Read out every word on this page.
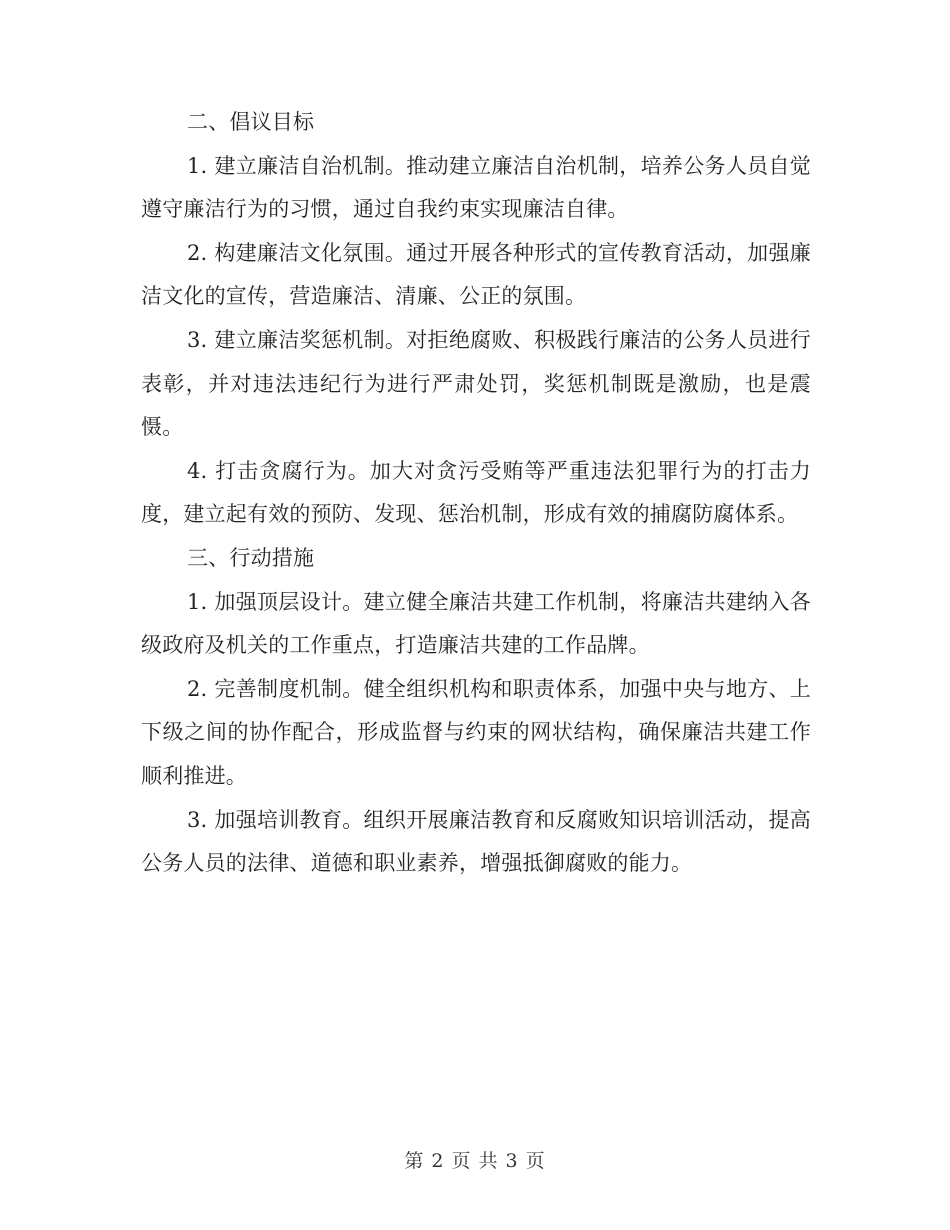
二、倡议目标

1. 建立廉洁自治机制。推动建立廉洁自治机制，培养公务人员自觉遵守廉洁行为的习惯，通过自我约束实现廉洁自律。

2. 构建廉洁文化氛围。通过开展各种形式的宣传教育活动，加强廉洁文化的宣传，营造廉洁、清廉、公正的氛围。

3. 建立廉洁奖惩机制。对拒绝腐败、积极践行廉洁的公务人员进行表彰，并对违法违纪行为进行严肃处罚，奖惩机制既是激励，也是震慑。

4. 打击贪腐行为。加大对贪污受贿等严重违法犯罪行为的打击力度，建立起有效的预防、发现、惩治机制，形成有效的捕腐防腐体系。

三、行动措施

1. 加强顶层设计。建立健全廉洁共建工作机制，将廉洁共建纳入各级政府及机关的工作重点，打造廉洁共建的工作品牌。

2. 完善制度机制。健全组织机构和职责体系，加强中央与地方、上下级之间的协作配合，形成监督与约束的网状结构，确保廉洁共建工作顺利推进。

3. 加强培训教育。组织开展廉洁教育和反腐败知识培训活动，提高公务人员的法律、道德和职业素养，增强抵御腐败的能力。

第 2 页 共 3 页
